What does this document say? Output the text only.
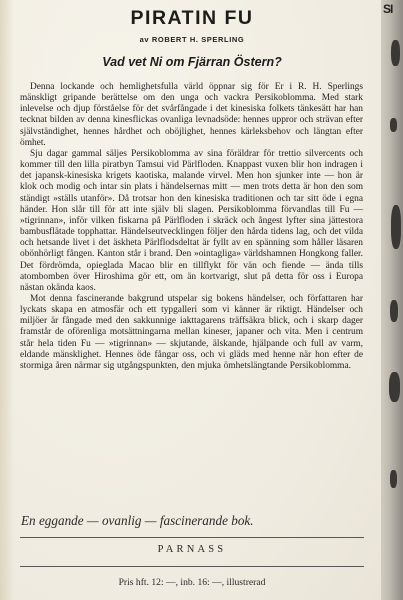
PIRATIN FU
av ROBERT H. SPERLING
Vad vet Ni om Fjärran Östern?

Denna lockande och hemlighetsfulla värld öppnar sig för Er i R. H. Sperlings mänskligt gripande berättelse om den unga och vackra Persikoblomma. Med stark inlevelse och djup förståelse för det svårfångade i det kinesiska folkets tänkesätt har han tecknat bilden av denna kinesflickas ovanliga levnadsöde: hennes uppror och strävan efter självständighet, hennes hårdhet och oböjlighet, hennes kärleksbehov och längtan efter ömhet.

Sju dagar gammal säljes Persikoblomma av sina föräldrar för trettio silvercents och kommer till den lilla piratbyn Tamsui vid Pärlfloden. Knappast vuxen blir hon indragen i det japansk-kinesiska krigets kaotiska, malande virvel. Men hon sjunker inte — hon är klok och modig och intar sin plats i händelsernas mitt — men trots detta är hon den som ständigt »ställs utanför». Då trotsar hon den kinesiska traditionen och tar sitt öde i egna händer. Hon slår till för att inte själv bli slagen. Persikoblomma förvandlas till Fu — »tigrinnan», inför vilken fiskarna på Pärlfloden i skräck och ångest lyfter sina jättestora bambusflätade topphattar. Händelseutvecklingen följer den hårda tidens lag, och det vilda och hetsande livet i det äskheta Pärlflodsdeltat är fyllt av en spänning som håller läsaren obönhörligt fången. Kanton står i brand. Den »ointagliga» världshamnen Hongkong faller. Det fördrömda, opieglada Macao blir en tillflykt för vän och fiende — ända tills atombomben över Hiroshima gör ett, om än kortvarigt, slut på detta för oss i Europa nästan okända kaos.

Mot denna fascinerande bakgrund utspelar sig bokens händelser, och författaren har lyckats skapa en atmosfär och ett typgalleri som vi känner är riktigt. Händelser och miljöer är fångade med den sakkunnige iakttagarens träffsäkra blick, och i skarp dager framstår de oförenliga motsättningarna mellan kineser, japaner och vita. Men i centrum står hela tiden Fu — »tigrinnan» — skjutande, älskande, hjälpande och full av varm, eldande mänsklighet. Hennes öde fångar oss, och vi gläds med henne när hon efter de stormiga åren närmar sig utgångspunkten, den mjuka ömhetslängtande Persikoblomma.

En eggande — ovanlig — fascinerande bok.
PARNASS
Pris hft. 12: —, inb. 16: —, illustrerad
SI
